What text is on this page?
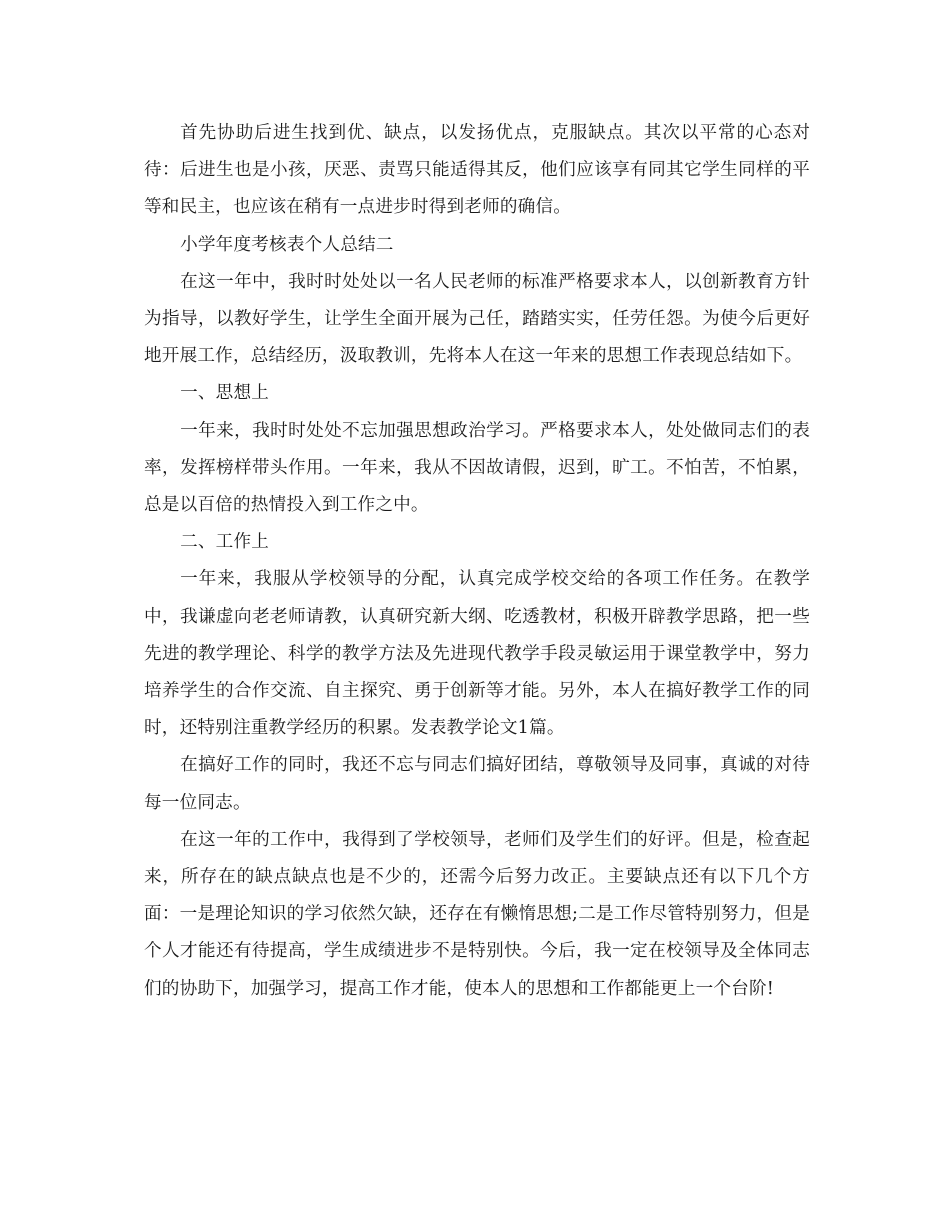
首先协助后进生找到优、缺点，以发扬优点，克服缺点。其次以平常的心态对待：后进生也是小孩，厌恶、责骂只能适得其反，他们应该享有同其它学生同样的平等和民主，也应该在稍有一点进步时得到老师的确信。

小学年度考核表个人总结二

在这一年中，我时时处处以一名人民老师的标准严格要求本人，以创新教育方针为指导，以教好学生，让学生全面开展为己任，踏踏实实，任劳任怨。为使今后更好地开展工作，总结经历，汲取教训，先将本人在这一年来的思想工作表现总结如下。

一、思想上

一年来，我时时处处不忘加强思想政治学习。严格要求本人，处处做同志们的表率，发挥榜样带头作用。一年来，我从不因故请假，迟到，旷工。不怕苦，不怕累，总是以百倍的热情投入到工作之中。

二、工作上

一年来，我服从学校领导的分配，认真完成学校交给的各项工作任务。在教学中，我谦虚向老老师请教，认真研究新大纲、吃透教材，积极开辟教学思路，把一些先进的教学理论、科学的教学方法及先进现代教学手段灵敏运用于课堂教学中，努力培养学生的合作交流、自主探究、勇于创新等才能。另外，本人在搞好教学工作的同时，还特别注重教学经历的积累。发表教学论文1篇。

在搞好工作的同时，我还不忘与同志们搞好团结，尊敬领导及同事，真诚的对待每一位同志。

在这一年的工作中，我得到了学校领导，老师们及学生们的好评。但是，检查起来，所存在的缺点缺点也是不少的，还需今后努力改正。主要缺点还有以下几个方面：一是理论知识的学习依然欠缺，还存在有懒惰思想;二是工作尽管特别努力，但是个人才能还有待提高，学生成绩进步不是特别快。今后，我一定在校领导及全体同志们的协助下，加强学习，提高工作才能，使本人的思想和工作都能更上一个台阶!
